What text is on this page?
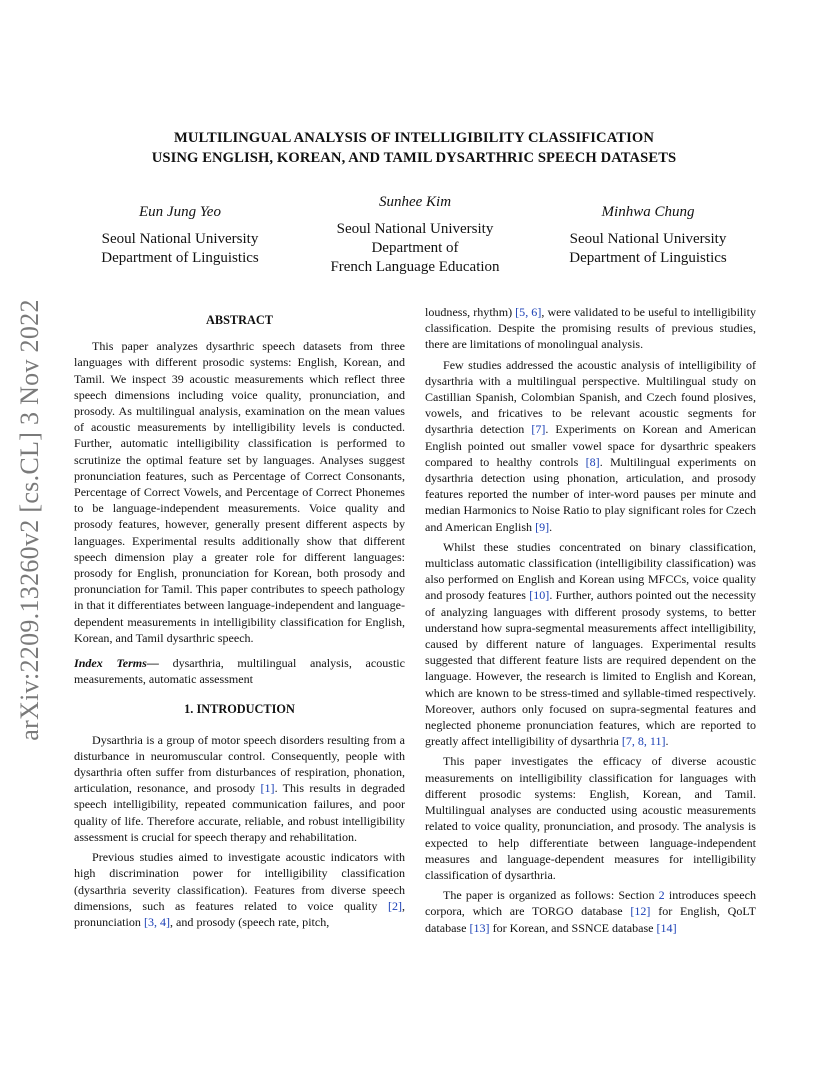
arXiv:2209.13260v2 [cs.CL] 3 Nov 2022
MULTILINGUAL ANALYSIS OF INTELLIGIBILITY CLASSIFICATION
USING ENGLISH, KOREAN, AND TAMIL DYSARTHRIC SPEECH DATASETS
Eun Jung Yeo
Seoul National University
Department of Linguistics
Sunhee Kim
Seoul National University
Department of
French Language Education
Minhwa Chung
Seoul National University
Department of Linguistics
ABSTRACT

This paper analyzes dysarthric speech datasets from three languages with different prosodic systems: English, Korean, and Tamil. We inspect 39 acoustic measurements which reflect three speech dimensions including voice quality, pronunciation, and prosody. As multilingual analysis, examination on the mean values of acoustic measurements by intelligibility levels is conducted. Further, automatic intelligibility classification is performed to scrutinize the optimal feature set by languages. Analyses suggest pronunciation features, such as Percentage of Correct Consonants, Percentage of Correct Vowels, and Percentage of Correct Phonemes to be language-independent measurements. Voice quality and prosody features, however, generally present different aspects by languages. Experimental results additionally show that different speech dimension play a greater role for different languages: prosody for English, pronunciation for Korean, both prosody and pronunciation for Tamil. This paper contributes to speech pathology in that it differentiates between language-independent and language-dependent measurements in intelligibility classification for English, Korean, and Tamil dysarthric speech.

Index Terms— dysarthria, multilingual analysis, acoustic measurements, automatic assessment

1. INTRODUCTION

Dysarthria is a group of motor speech disorders resulting from a disturbance in neuromuscular control. Consequently, people with dysarthria often suffer from disturbances of respiration, phonation, articulation, resonance, and prosody [1]. This results in degraded speech intelligibility, repeated communication failures, and poor quality of life. Therefore accurate, reliable, and robust intelligibility assessment is crucial for speech therapy and rehabilitation.

Previous studies aimed to investigate acoustic indicators with high discrimination power for intelligibility classification (dysarthria severity classification). Features from diverse speech dimensions, such as features related to voice quality [2], pronunciation [3, 4], and prosody (speech rate, pitch,

loudness, rhythm) [5, 6], were validated to be useful to intelligibility classification. Despite the promising results of previous studies, there are limitations of monolingual analysis.

Few studies addressed the acoustic analysis of intelligibility of dysarthria with a multilingual perspective. Multilingual study on Castillian Spanish, Colombian Spanish, and Czech found plosives, vowels, and fricatives to be relevant acoustic segments for dysarthria detection [7]. Experiments on Korean and American English pointed out smaller vowel space for dysarthric speakers compared to healthy controls [8]. Multilingual experiments on dysarthria detection using phonation, articulation, and prosody features reported the number of inter-word pauses per minute and median Harmonics to Noise Ratio to play significant roles for Czech and American English [9].

Whilst these studies concentrated on binary classification, multiclass automatic classification (intelligibility classification) was also performed on English and Korean using MFCCs, voice quality and prosody features [10]. Further, authors pointed out the necessity of analyzing languages with different prosody systems, to better understand how supra-segmental measurements affect intelligibility, caused by different nature of languages. Experimental results suggested that different feature lists are required dependent on the language. However, the research is limited to English and Korean, which are known to be stress-timed and syllable-timed respectively. Moreover, authors only focused on supra-segmental features and neglected phoneme pronunciation features, which are reported to greatly affect intelligibility of dysarthria [7, 8, 11].

This paper investigates the efficacy of diverse acoustic measurements on intelligibility classification for languages with different prosodic systems: English, Korean, and Tamil. Multilingual analyses are conducted using acoustic measurements related to voice quality, pronunciation, and prosody. The analysis is expected to help differentiate between language-independent measures and language-dependent measures for intelligibility classification of dysarthria.

The paper is organized as follows: Section 2 introduces speech corpora, which are TORGO database [12] for English, QoLT database [13] for Korean, and SSNCE database [14]
